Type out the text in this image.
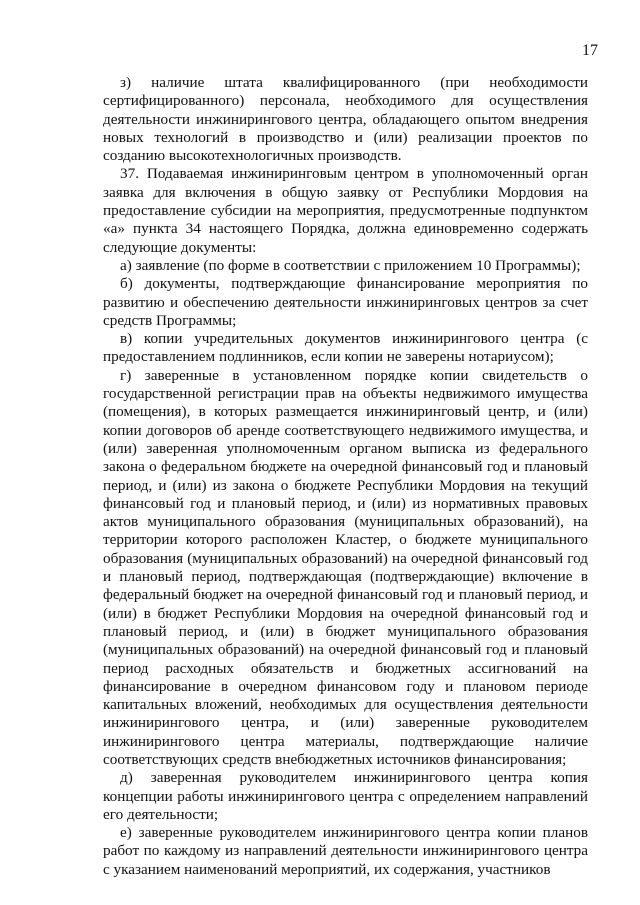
17

з) наличие штата квалифицированного (при необходимости сертифицированного) персонала, необходимого для осуществления деятельности инжинирингового центра, обладающего опытом внедрения новых технологий в производство и (или) реализации проектов по созданию высокотехнологичных производств.

37. Подаваемая инжиниринговым центром в уполномоченный орган заявка для включения в общую заявку от Республики Мордовия на предоставление субсидии на мероприятия, предусмотренные подпунктом «а» пункта 34 настоящего Порядка, должна единовременно содержать следующие документы:

а) заявление (по форме в соответствии с приложением 10 Программы);

б) документы, подтверждающие финансирование мероприятия по развитию и обеспечению деятельности инжиниринговых центров за счет средств Программы;

в) копии учредительных документов инжинирингового центра (с предоставлением подлинников, если копии не заверены нотариусом);

г) заверенные в установленном порядке копии свидетельств о государственной регистрации прав на объекты недвижимого имущества (помещения), в которых размещается инжиниринговый центр, и (или) копии договоров об аренде соответствующего недвижимого имущества, и (или) заверенная уполномоченным органом выписка из федерального закона о федеральном бюджете на очередной финансовый год и плановый период, и (или) из закона о бюджете Республики Мордовия на текущий финансовый год и плановый период, и (или) из нормативных правовых актов муниципального образования (муниципальных образований), на территории которого расположен Кластер, о бюджете муниципального образования (муниципальных образований) на очередной финансовый год и плановый период, подтверждающая (подтверждающие) включение в федеральный бюджет на очередной финансовый год и плановый период, и (или) в бюджет Республики Мордовия на очередной финансовый год и плановый период, и (или) в бюджет муниципального образования (муниципальных образований) на очередной финансовый год и плановый период расходных обязательств и бюджетных ассигнований на финансирование в очередном финансовом году и плановом периоде капитальных вложений, необходимых для осуществления деятельности инжинирингового центра, и (или) заверенные руководителем инжинирингового центра материалы, подтверждающие наличие соответствующих средств внебюджетных источников финансирования;

д) заверенная руководителем инжинирингового центра копия концепции работы инжинирингового центра с определением направлений его деятельности;

е) заверенные руководителем инжинирингового центра копии планов работ по каждому из направлений деятельности инжинирингового центра с указанием наименований мероприятий, их содержания, участников
